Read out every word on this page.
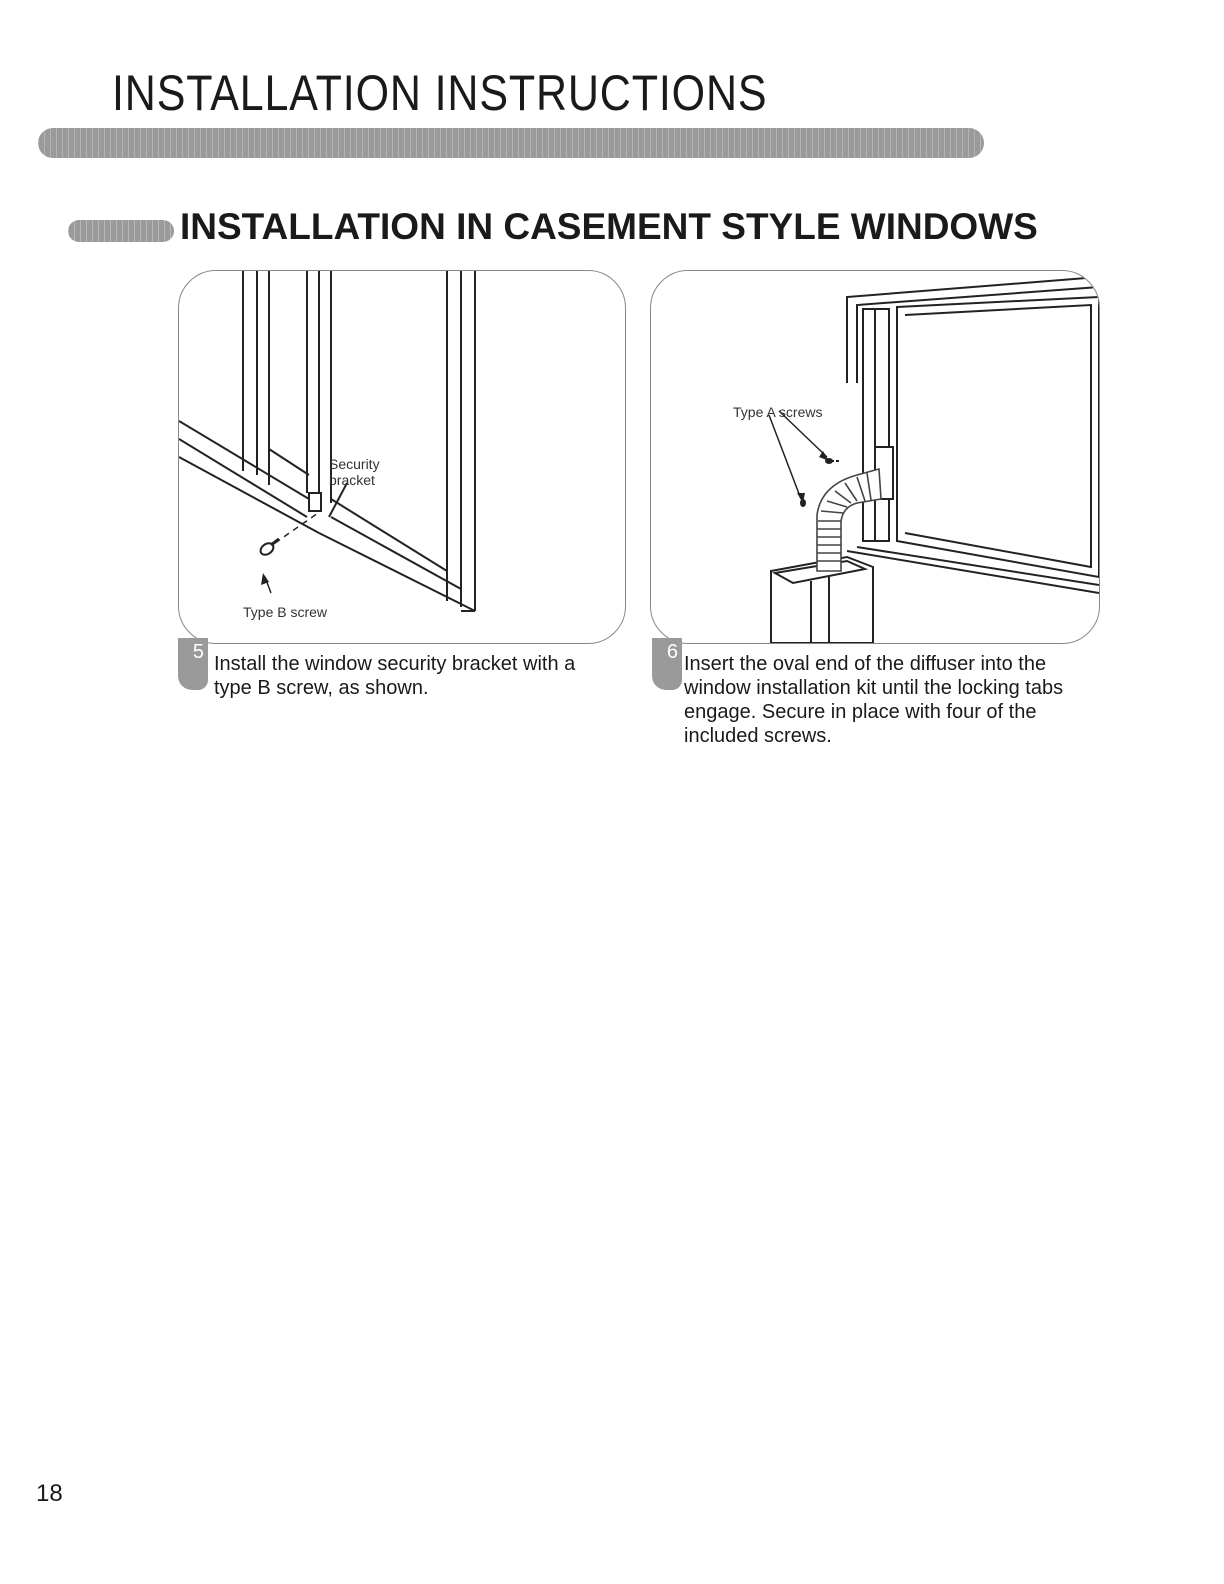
INSTALLATION INSTRUCTIONS
INSTALLATION IN CASEMENT STYLE WINDOWS
Security
bracket
Type B screw
5

Install the window security bracket with a type B screw, as shown.

Type A screws
6

Insert the oval end of the diffuser into the window installation kit until the locking tabs engage. Secure in place with four of the included screws.

18
